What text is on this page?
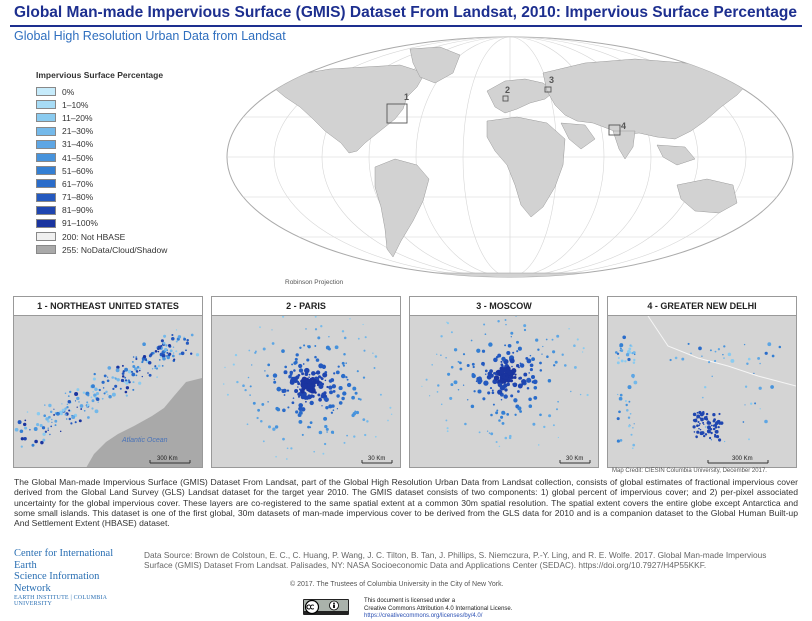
Global Man-made Impervious Surface (GMIS) Dataset From Landsat, 2010: Impervious Surface Percentage
Global High Resolution Urban Data from Landsat
Impervious Surface Percentage
0%
1–10%
11–20%
21–30%
31–40%
41–50%
51–60%
61–70%
71–80%
81–90%
91–100%
200: Not HBASE
255: NoData/Cloud/Shadow
1
2
3
4
Robinson Projection
1 - NORTHEAST UNITED STATES
Atlantic Ocean
300 Km
2 - PARIS
30 Km
3 - MOSCOW
30 Km
4 - GREATER NEW DELHI
300 Km
Map Credit: CIESIN Columbia University, December 2017.
The Global Man-made Impervious Surface (GMIS) Dataset From Landsat, part of the Global High Resolution Urban Data from Landsat collection, consists of global estimates of fractional impervious cover derived from the Global Land Survey (GLS) Landsat dataset for the target year 2010. The GMIS dataset consists of two components: 1) global percent of impervious cover; and 2) per-pixel associated uncertainty for the global impervious cover. These layers are co-registered to the same spatial extent at a common 30m spatial resolution. The spatial extent covers the entire globe except Antarctica and some small islands. This dataset is one of the first global, 30m datasets of man-made impervious cover to be derived from the GLS data for 2010 and is a companion dataset to the Global Human Built-up And Settlement Extent (HBASE) dataset.
Center for International Earth
Science Information Network
EARTH INSTITUTE | COLUMBIA UNIVERSITY
Data Source: Brown de Colstoun, E. C., C. Huang, P. Wang, J. C. Tilton, B. Tan, J. Phillips, S. Niemczura, P.-Y. Ling, and R. E. Wolfe. 2017. Global Man-made Impervious Surface (GMIS) Dataset From Landsat. Palisades, NY: NASA Socioeconomic Data and Applications Center (SEDAC). https://doi.org/10.7927/H4P55KKF.
© 2017. The Trustees of Columbia University in the City of New York.
This document is licensed under a
Creative Commons Attribution 4.0 International License.
https://creativecommons.org/licenses/by/4.0/
